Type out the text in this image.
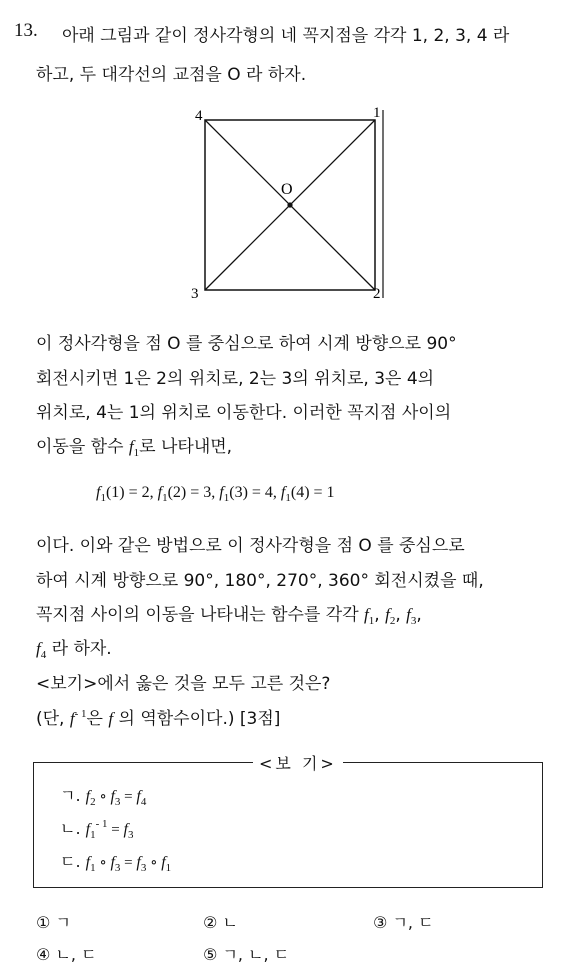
13. 아래 그림과 같이 정사각형의 네 꼭지점을 각각 1, 2, 3, 4 라
하고, 두 대각선의 교점을 O 라 하자.
4	1
3	2
O
이 정사각형을 점 O 를 중심으로 하여 시계 방향으로 90°
회전시키면 1은 2의 위치로, 2는 3의 위치로, 3은 4의
위치로, 4는 1의 위치로 이동한다. 이러한 꼭지점 사이의
이동을 함수 $f_1$로 나타내면,
$f_1(1) = 2$, $f_1(2) = 3$, $f_1(3) = 4$, $f_1(4) = 1$
이다. 이와 같은 방법으로 이 정사각형을 점 O 를 중심으로
하여 시계 방향으로 90°, 180°, 270°, 360° 회전시켰을 때,
꼭지점 사이의 이동을 나타내는 함수를 각각 $f_1$, $f_2$, $f_3$,
$f_4$ 라 하자.
<보기>에서 옳은 것을 모두 고른 것은?
(단, $f^{- 1}$은 f 의 역함수이다.) [3점]
<보 기>
ㄱ. $f_2$ ∘ $f_3 = f_4$
ㄴ. $f_1^{- 1} = f_3$
ㄷ. $f_1$ ∘ $f_3 = f_3$ ∘ $f_1$
① ㄱ	② ㄴ	③ ㄱ, ㄷ
④ ㄴ, ㄷ	⑤ ㄱ, ㄴ, ㄷ
